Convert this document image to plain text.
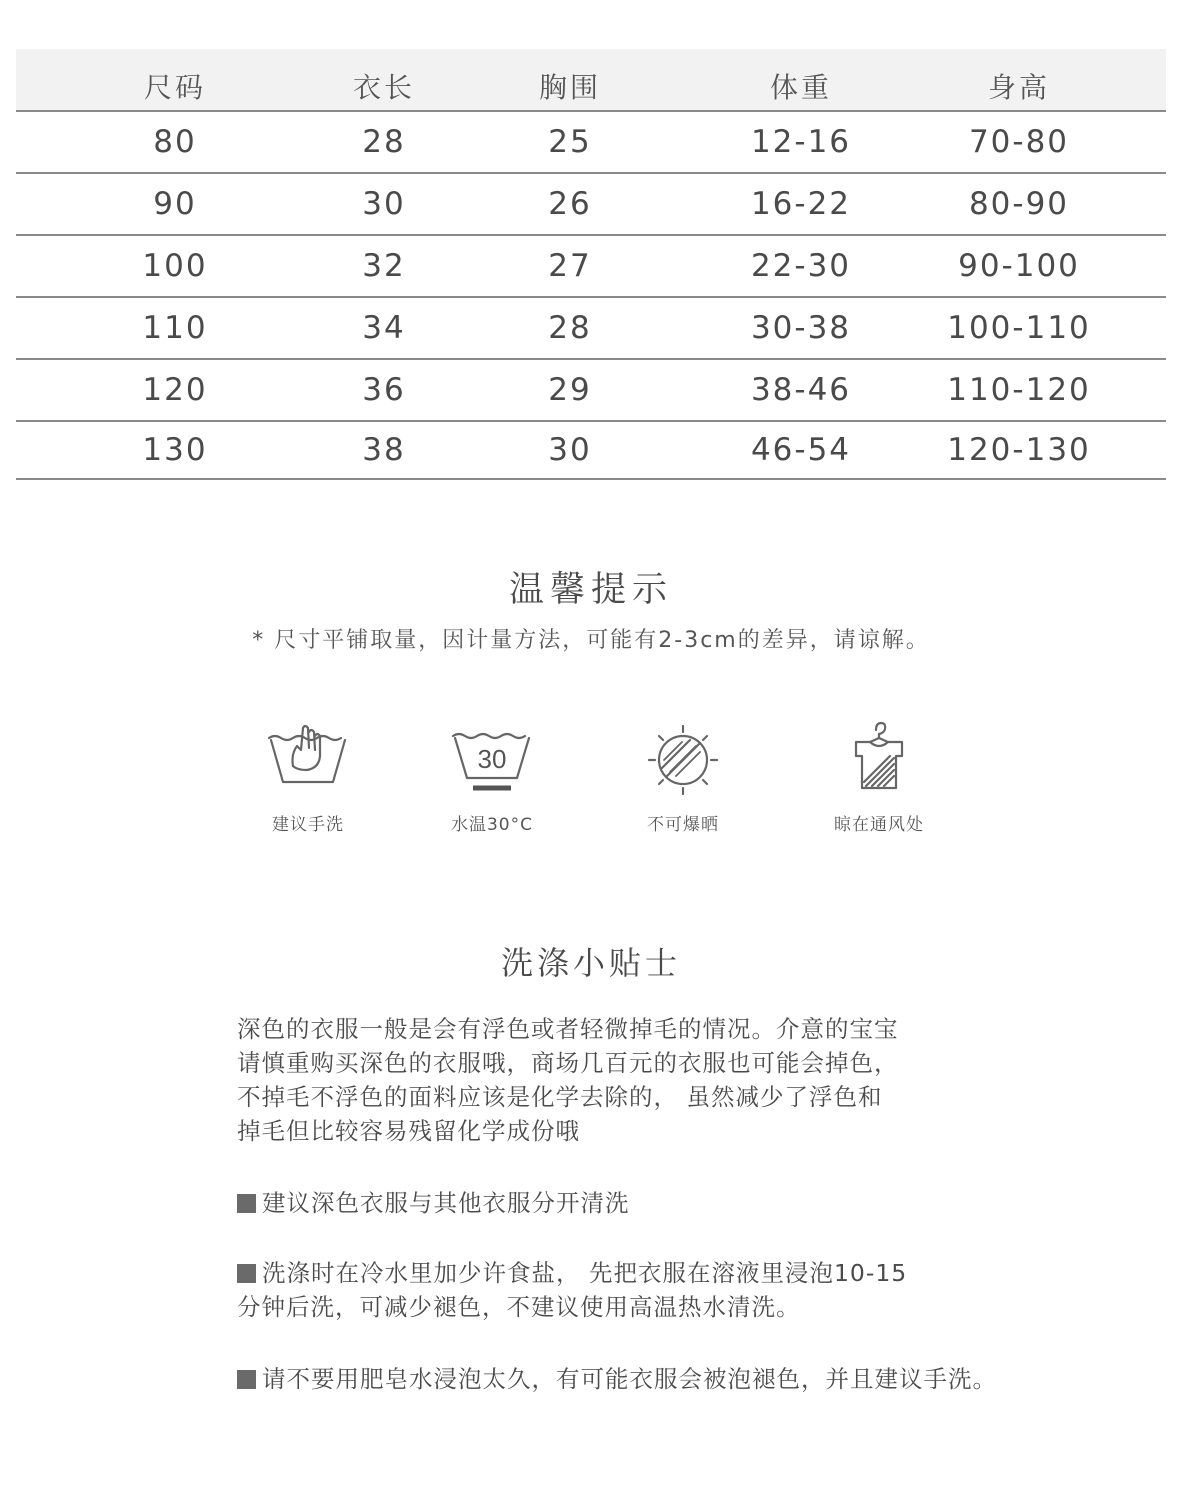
尺码	衣长	胸围	体重	身高
80	28	25	12-16	70-80
90	30	26	16-22	80-90
100	32	27	22-30	90-100
110	34	28	30-38	100-110
120	36	29	38-46	110-120
130	38	30	46-54	120-130
温馨提示
* 尺寸平铺取量，因计量方法，可能有2-3cm的差异，请谅解。
建议手洗
30
水温30°C	不可爆晒	晾在通风处
洗涤小贴士
深色的衣服一般是会有浮色或者轻微掉毛的情况。介意的宝宝
请慎重购买深色的衣服哦，商场几百元的衣服也可能会掉色，
不掉毛不浮色的面料应该是化学去除的， 虽然减少了浮色和
掉毛但比较容易残留化学成份哦
建议深色衣服与其他衣服分开清洗
洗涤时在冷水里加少许食盐， 先把衣服在溶液里浸泡10-15
分钟后洗，可减少褪色，不建议使用高温热水清洗。
请不要用肥皂水浸泡太久，有可能衣服会被泡褪色，并且建议手洗。
